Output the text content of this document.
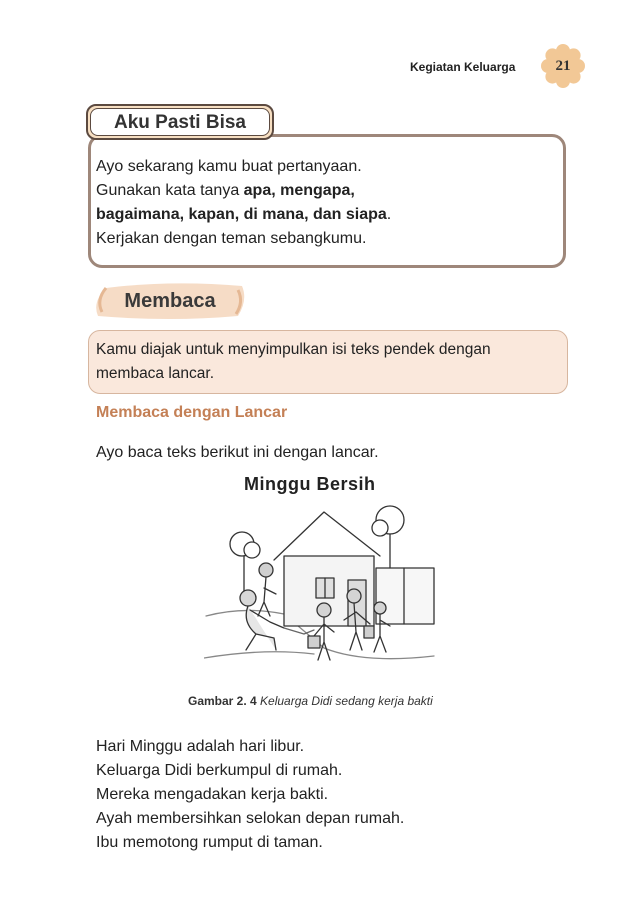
Kegiatan Keluarga	21
Aku Pasti Bisa
Ayo sekarang kamu buat pertanyaan.
Gunakan kata tanya apa, mengapa,
bagaimana, kapan, di mana, dan siapa.
Kerjakan dengan teman sebangkumu.
Membaca
Kamu diajak untuk menyimpulkan isi teks pendek dengan
membaca lancar.
Membaca dengan Lancar
Ayo baca teks berikut ini dengan lancar.
Minggu Bersih
Gambar 2. 4 Keluarga Didi sedang kerja bakti
Hari Minggu adalah hari libur.
Keluarga Didi berkumpul di rumah.
Mereka mengadakan kerja bakti.
Ayah membersihkan selokan depan rumah.
Ibu memotong rumput di taman.
